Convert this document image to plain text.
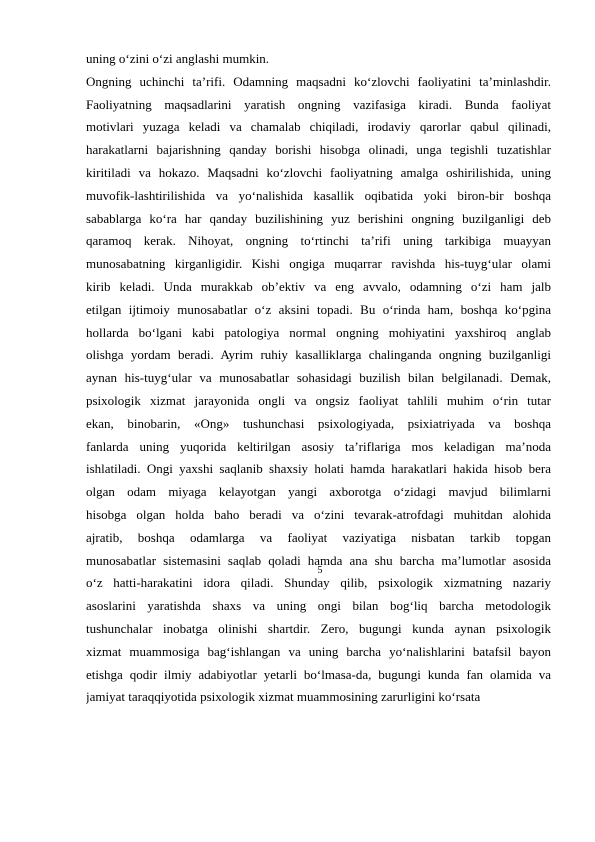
uning o‘zini o‘zi anglashi mumkin.
Ongning uchinchi ta’rifi. Odamning maqsadni ko‘zlovchi faoliyatini ta’minlashdir.
Faoliyatning maqsadlarini yaratish ongning vazifasiga kiradi. Bunda faoliyat
motivlari yuzaga keladi va chamalab chiqiladi, irodaviy qarorlar qabul qilinadi,
harakatlarni bajarishning qanday borishi hisobga olinadi, unga tegishli tuzatishlar
kiritiladi va hokazo. Maqsadni ko‘zlovchi faoliyatning amalga oshirilishida, uning
muvofik-lashtirilishida va yo‘nalishida kasallik oqibatida yoki biron-bir boshqa
sabablarga ko‘ra har qanday buzilishining yuz berishini ongning buzilganligi deb
qaramoq kerak. Nihoyat, ongning to‘rtinchi ta’rifi uning tarkibiga muayyan
munosabatning kirganligidir. Kishi ongiga muqarrar ravishda his-tuyg‘ular olami
kirib keladi. Unda murakkab ob’ektiv va eng avvalo, odamning o‘zi ham jalb
etilgan ijtimoiy munosabatlar o‘z aksini topadi. Bu o‘rinda ham, boshqa ko‘pgina
hollarda bo‘lgani kabi patologiya normal ongning mohiyatini yaxshiroq anglab
olishga yordam beradi. Ayrim ruhiy kasalliklarga chalinganda ongning buzilganligi
aynan his-tuyg‘ular va munosabatlar sohasidagi buzilish bilan belgilanadi. Demak,
psixologik xizmat jarayonida ongli va ongsiz faoliyat tahlili muhim o‘rin tutar
ekan, binobarin, «Ong» tushunchasi psixologiyada, psixiatriyada va boshqa
fanlarda uning yuqorida keltirilgan asosiy ta’riflariga mos keladigan ma’noda
ishlatiladi. Ongi yaxshi saqlanib shaxsiy holati hamda harakatlari hakida hisob bera
olgan odam miyaga kelayotgan yangi axborotga o‘zidagi mavjud bilimlarni
hisobga olgan holda baho beradi va o‘zini tevarak-atrofdagi muhitdan alohida
ajratib, boshqa odamlarga va faoliyat vaziyatiga nisbatan tarkib topgan
munosabatlar sistemasini saqlab qoladi hamda ana shu barcha ma’lumotlar asosida
o‘z hatti-harakatini idora qiladi. Shunday qilib, psixologik xizmatning nazariy
asoslarini yaratishda shaxs va uning ongi bilan bog‘liq barcha metodologik
tushunchalar inobatga olinishi shartdir. Zero, bugungi kunda aynan psixologik
xizmat muammosiga bag‘ishlangan va uning barcha yo‘nalishlarini batafsil bayon
etishga qodir ilmiy adabiyotlar yetarli bo‘lmasa-da, bugungi kunda fan olamida va
jamiyat taraqqiyotida psixologik xizmat muammosining zarurligini ko‘rsata
5
